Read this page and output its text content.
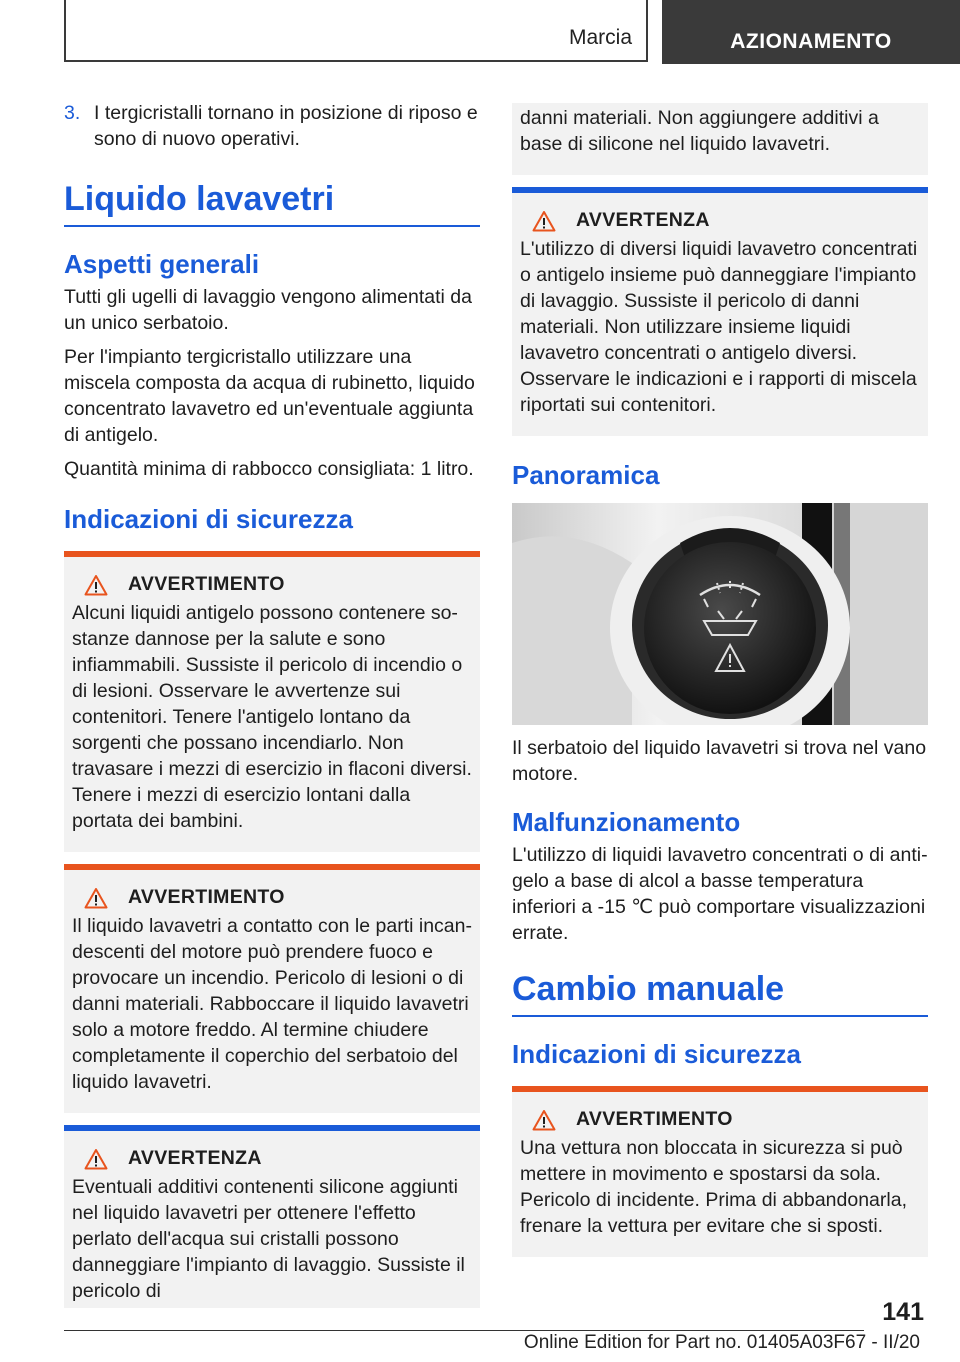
Marcia	AZIONAMENTO
3. I tergicristalli tornano in posizione di riposo e sono di nuovo operativi.
Liquido lavavetri
Aspetti generali

Tutti gli ugelli di lavaggio vengono alimentati da un unico serbatoio.

Per l'impianto tergicristallo utilizzare una miscela composta da acqua di rubinetto, liquido concentrato lavavetro ed un'eventuale aggiunta di antigelo.

Quantità minima di rabbocco consigliata: 1 litro.

Indicazioni di sicurezza
AVVERTIMENTO

Alcuni liquidi antigelo possono contenere sostanze dannose per la salute e sono infiammabili. Sussiste il pericolo di incendio o di lesioni. Osservare le avvertenze sui contenitori. Tenere l'antigelo lontano da sorgenti che possano incendiarlo. Non travasare i mezzi di esercizio in flaconi diversi. Tenere i mezzi di esercizio lontani dalla portata dei bambini.

AVVERTIMENTO

Il liquido lavavetri a contatto con le parti incandescenti del motore può prendere fuoco e provocare un incendio. Pericolo di lesioni o di danni materiali. Rabboccare il liquido lavavetri solo a motore freddo. Al termine chiudere completamente il coperchio del serbatoio del liquido lavavetri.

AVVERTENZA

Eventuali additivi contenenti silicone aggiunti nel liquido lavavetri per ottenere l'effetto perlato dell'acqua sui cristalli possono danneggiare l'impianto di lavaggio. Sussiste il pericolo di

danni materiali. Non aggiungere additivi a base di silicone nel liquido lavavetri.

AVVERTENZA

L'utilizzo di diversi liquidi lavavetro concentrati o antigelo insieme può danneggiare l'impianto di lavaggio. Sussiste il pericolo di danni materiali. Non utilizzare insieme liquidi lavavetro concentrati o antigelo diversi. Osservare le indicazioni e i rapporti di miscela riportati sui contenitori.

Panoramica

Il serbatoio del liquido lavavetri si trova nel vano motore.

Malfunzionamento

L'utilizzo di liquidi lavavetro concentrati o di antigelo a base di alcol a basse temperatura inferiori a -15 ℃ può comportare visualizzazioni errate.

Cambio manuale
Indicazioni di sicurezza
AVVERTIMENTO

Una vettura non bloccata in sicurezza si può mettere in movimento e spostarsi da sola. Pericolo di incidente. Prima di abbandonarla, frenare la vettura per evitare che si sposti.

141
Online Edition for Part no. 01405A03F67 - II/20
